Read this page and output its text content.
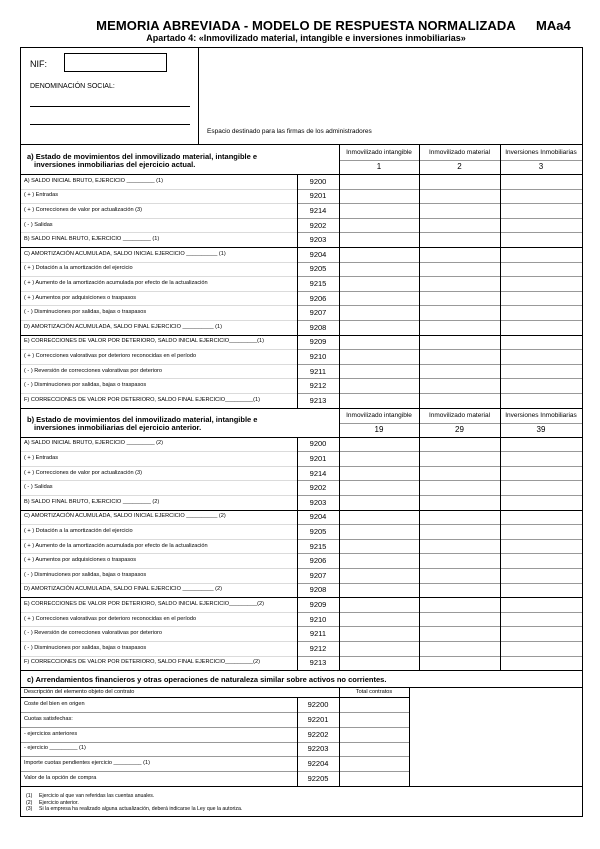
MEMORIA ABREVIADA - MODELO DE RESPUESTA NORMALIZADA MAa4
Apartado 4: «Inmovilizado material, intangible e inversiones inmobiliarias»
NIF:
DENOMINACIÓN SOCIAL:
Espacio destinado para las firmas de los administradores
a) Estado de movimientos del inmovilizado material, intangible e
inversiones inmobiliarias del ejercicio actual.
Inmovilizado intangible
1
Inmovilizado material
2
Inversiones Inmobiliarias
3
A) SALDO INICIAL BRUTO, EJERCICIO _________ (1)	9200
( + ) Entradas	9201
( + ) Correcciones de valor por actualización (3)	9214
( - ) Salidas	9202
B) SALDO FINAL BRUTO, EJERCICIO _________ (1)	9203
C) AMORTIZACIÓN ACUMULADA, SALDO INICIAL EJERCICIO __________ (1)	9204
( + ) Dotación a la amortización del ejercicio	9205
( + ) Aumento de la amortización acumulada por efecto de la actualización	9215
( + ) Aumentos por adquisiciones o traspasos	9206
( - ) Disminuciones por salidas, bajas o traspasos	9207
D) AMORTIZACIÓN ACUMULADA, SALDO FINAL EJERCICIO __________ (1)	9208
E) CORRECCIONES DE VALOR POR DETERIORO, SALDO INICIAL EJERCICIO_________(1)	9209
( + ) Correcciones valorativas por deterioro reconocidas en el período	9210
( - ) Reversión de correcciones valorativas por deterioro	9211
( - ) Disminuciones por salidas, bajas o traspasos	9212
F) CORRECCIONES DE VALOR POR DETERIORO, SALDO FINAL EJERCICIO_________(1)	9213
b) Estado de movimientos del inmovilizado material, intangible e
inversiones inmobiliarias del ejercicio anterior.
Inmovilizado intangible
19
Inmovilizado material
29
Inversiones Inmobiliarias
39
A) SALDO INICIAL BRUTO, EJERCICIO _________ (2)	9200
( + ) Entradas	9201
( + ) Correcciones de valor por actualización (3)	9214
( - ) Salidas	9202
B) SALDO FINAL BRUTO, EJERCICIO _________ (2)	9203
C) AMORTIZACIÓN ACUMULADA, SALDO INICIAL EJERCICIO __________ (2)	9204
( + ) Dotación a la amortización del ejercicio	9205
( + ) Aumento de la amortización acumulada por efecto de la actualización	9215
( + ) Aumentos por adquisiciones o traspasos	9206
( - ) Disminuciones por salidas, bajas o traspasos	9207
D) AMORTIZACIÓN ACUMULADA, SALDO FINAL EJERCICIO __________ (2)	9208
E) CORRECCIONES DE VALOR POR DETERIORO, SALDO INICIAL EJERCICIO_________(2)	9209
( + ) Correcciones valorativas por deterioro reconocidas en el período	9210
( - ) Reversión de correcciones valorativas por deterioro	9211
( - ) Disminuciones por salidas, bajas o traspasos	9212
F) CORRECCIONES DE VALOR POR DETERIORO, SALDO FINAL EJERCICIO_________(2)	9213
c) Arrendamientos financieros y otras operaciones de naturaleza similar sobre activos no corrientes.
Descripción del elemento objeto del contrato	Total contratos
Coste del bien en origen	92200
Cuotas satisfechas:	92201
- ejercicios anteriores	92202
- ejercicio _________ (1)	92203
Importe cuotas pendientes ejercicio _________ (1)	92204
Valor de la opción de compra	92205
(1) Ejercicio al que van referidas las cuentas anuales.
(2) Ejercicio anterior.
(3) Si la empresa ha realizado alguna actualización, deberá indicarse la Ley que la autoriza.
